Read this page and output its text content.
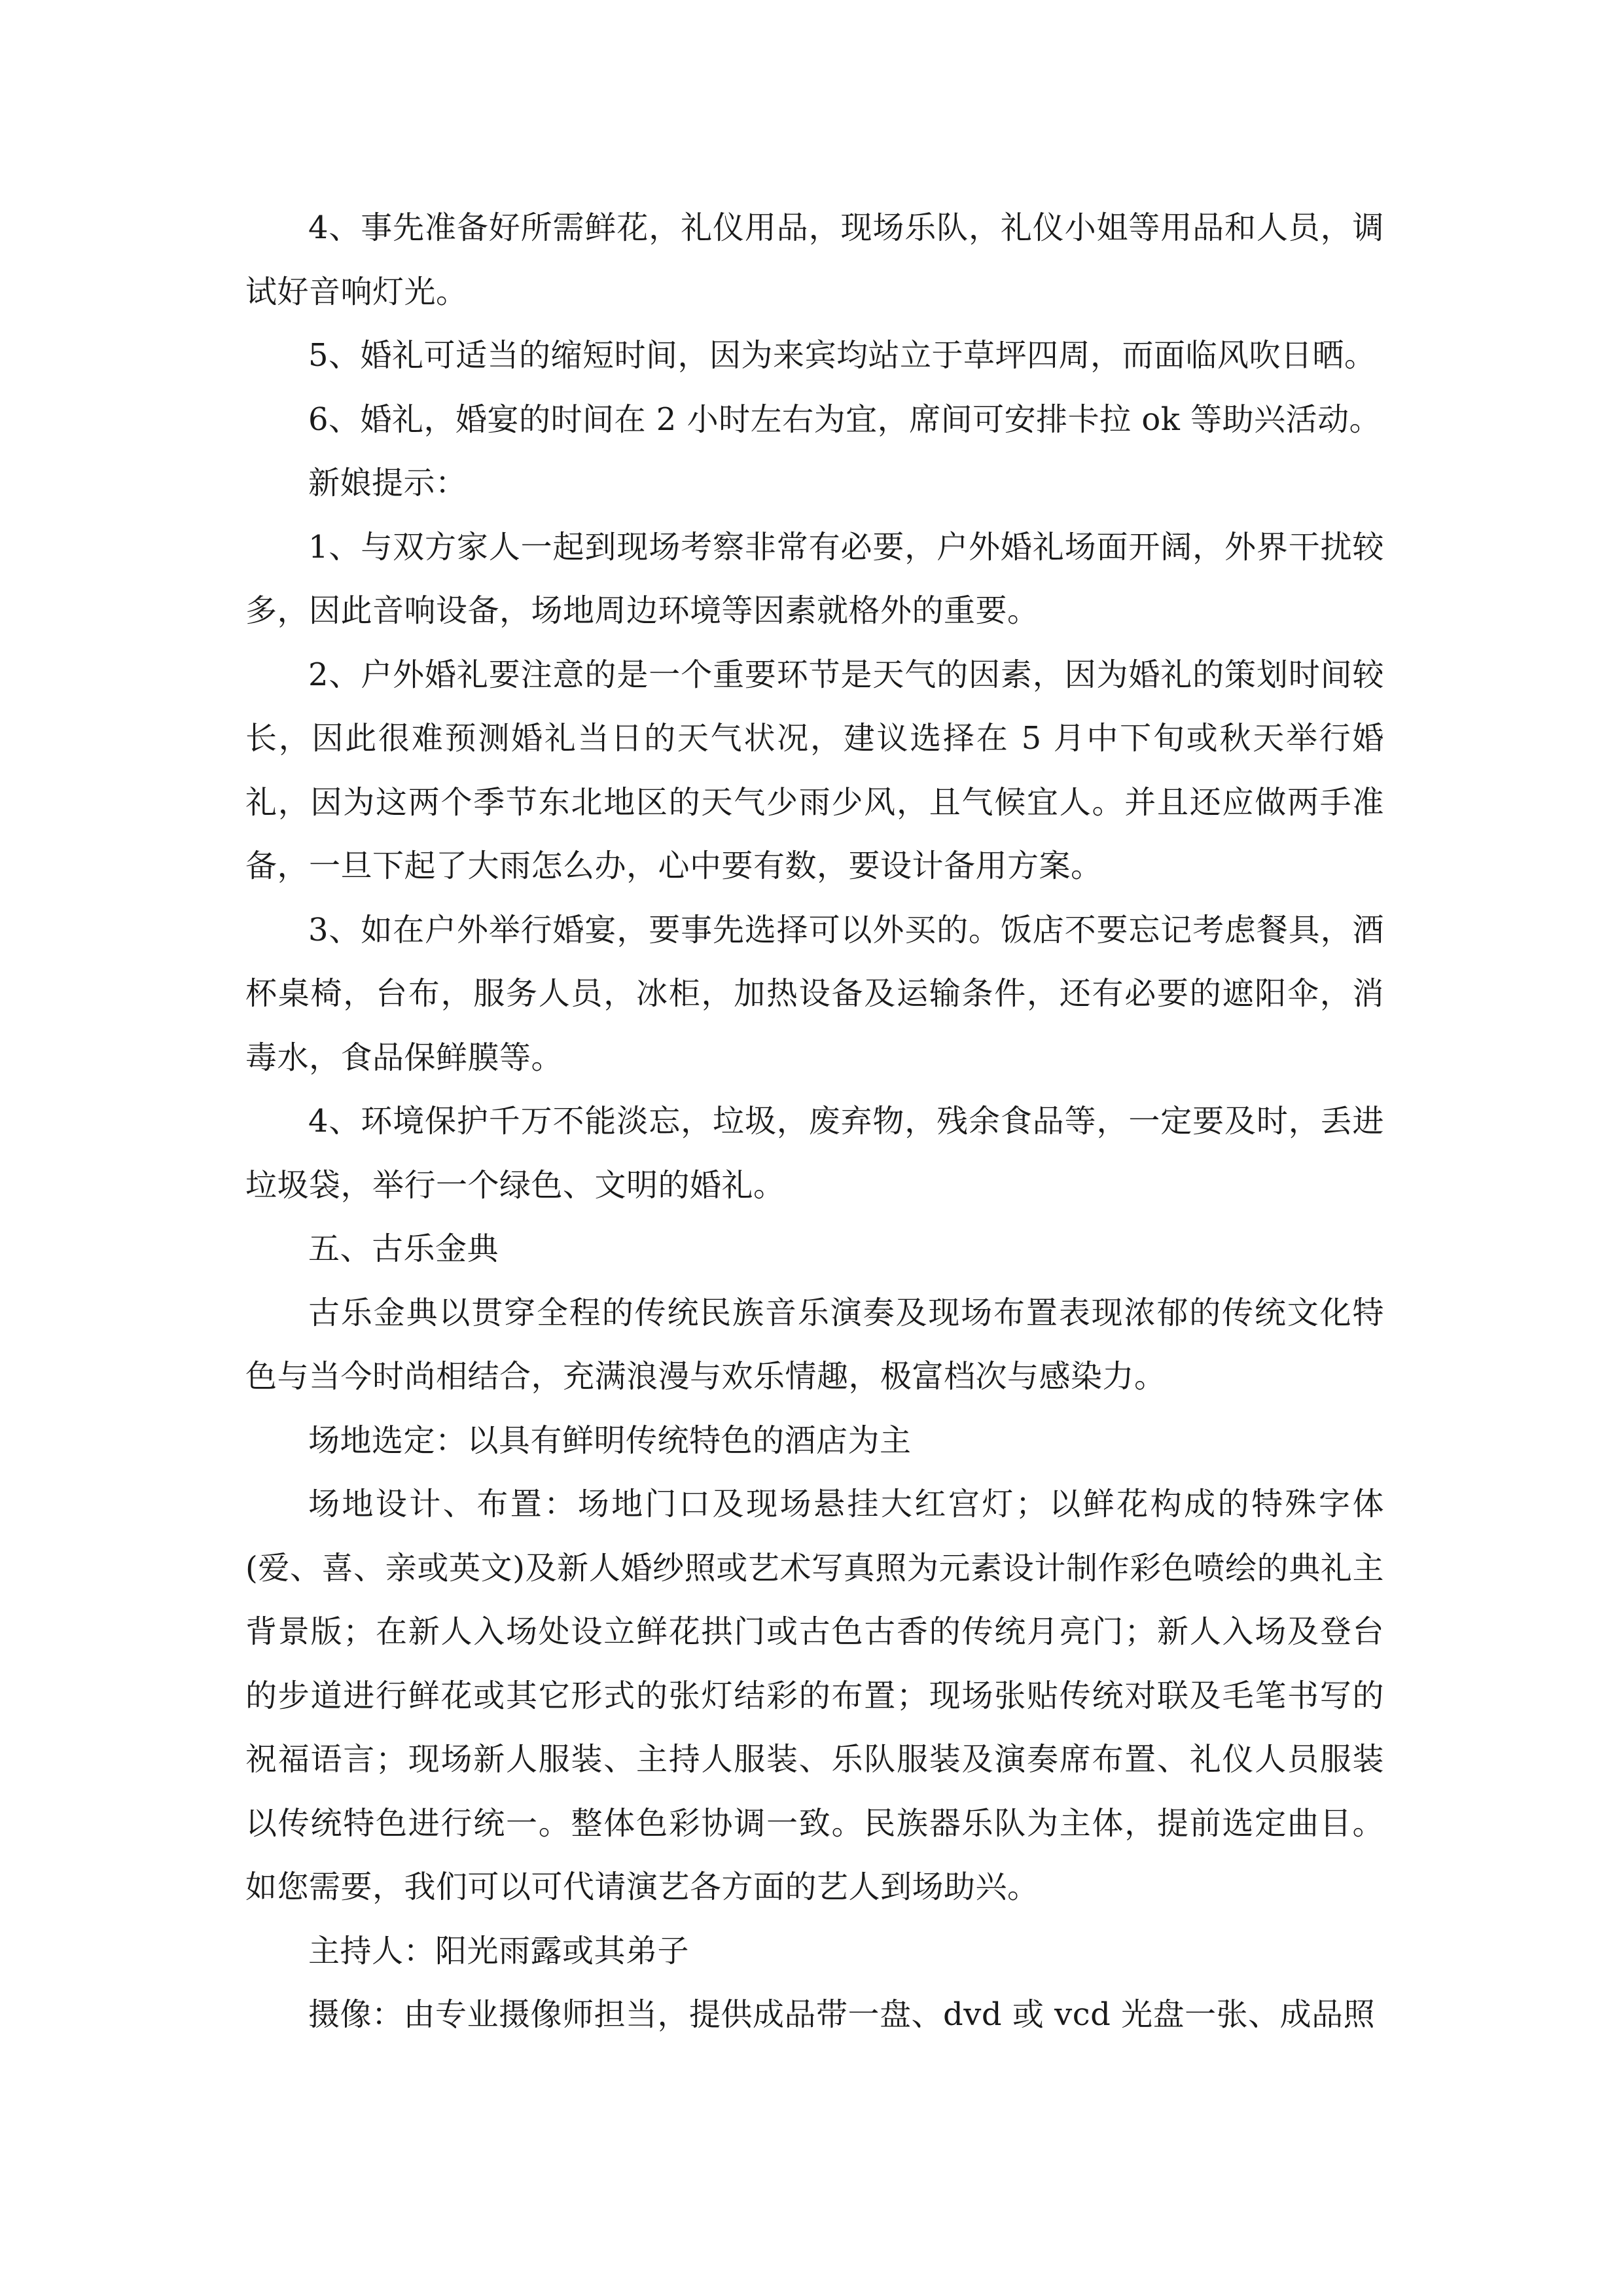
4、事先准备好所需鲜花，礼仪用品，现场乐队，礼仪小姐等用品和人员，调试好音响灯光。

5、婚礼可适当的缩短时间，因为来宾均站立于草坪四周，而面临风吹日晒。

6、婚礼，婚宴的时间在 2 小时左右为宜，席间可安排卡拉 ok 等助兴活动。

新娘提示：

1、与双方家人一起到现场考察非常有必要，户外婚礼场面开阔，外界干扰较多，因此音响设备，场地周边环境等因素就格外的重要。

2、户外婚礼要注意的是一个重要环节是天气的因素，因为婚礼的策划时间较长，因此很难预测婚礼当日的天气状况，建议选择在 5 月中下旬或秋天举行婚礼，因为这两个季节东北地区的天气少雨少风，且气候宜人。并且还应做两手准备，一旦下起了大雨怎么办，心中要有数，要设计备用方案。

3、如在户外举行婚宴，要事先选择可以外买的。饭店不要忘记考虑餐具，酒杯桌椅，台布，服务人员，冰柜，加热设备及运输条件，还有必要的遮阳伞，消毒水，食品保鲜膜等。

4、环境保护千万不能淡忘，垃圾，废弃物，残余食品等，一定要及时，丢进垃圾袋，举行一个绿色、文明的婚礼。

五、古乐金典

古乐金典以贯穿全程的传统民族音乐演奏及现场布置表现浓郁的传统文化特色与当今时尚相结合，充满浪漫与欢乐情趣，极富档次与感染力。

场地选定：以具有鲜明传统特色的酒店为主

场地设计、布置：场地门口及现场悬挂大红宫灯；以鲜花构成的特殊字体(爱、喜、亲或英文)及新人婚纱照或艺术写真照为元素设计制作彩色喷绘的典礼主背景版；在新人入场处设立鲜花拱门或古色古香的传统月亮门；新人入场及登台的步道进行鲜花或其它形式的张灯结彩的布置；现场张贴传统对联及毛笔书写的祝福语言；现场新人服装、主持人服装、乐队服装及演奏席布置、礼仪人员服装以传统特色进行统一。整体色彩协调一致。民族器乐队为主体，提前选定曲目。如您需要，我们可以可代请演艺各方面的艺人到场助兴。

主持人：阳光雨露或其弟子

摄像：由专业摄像师担当，提供成品带一盘、dvd 或 vcd 光盘一张、成品照
